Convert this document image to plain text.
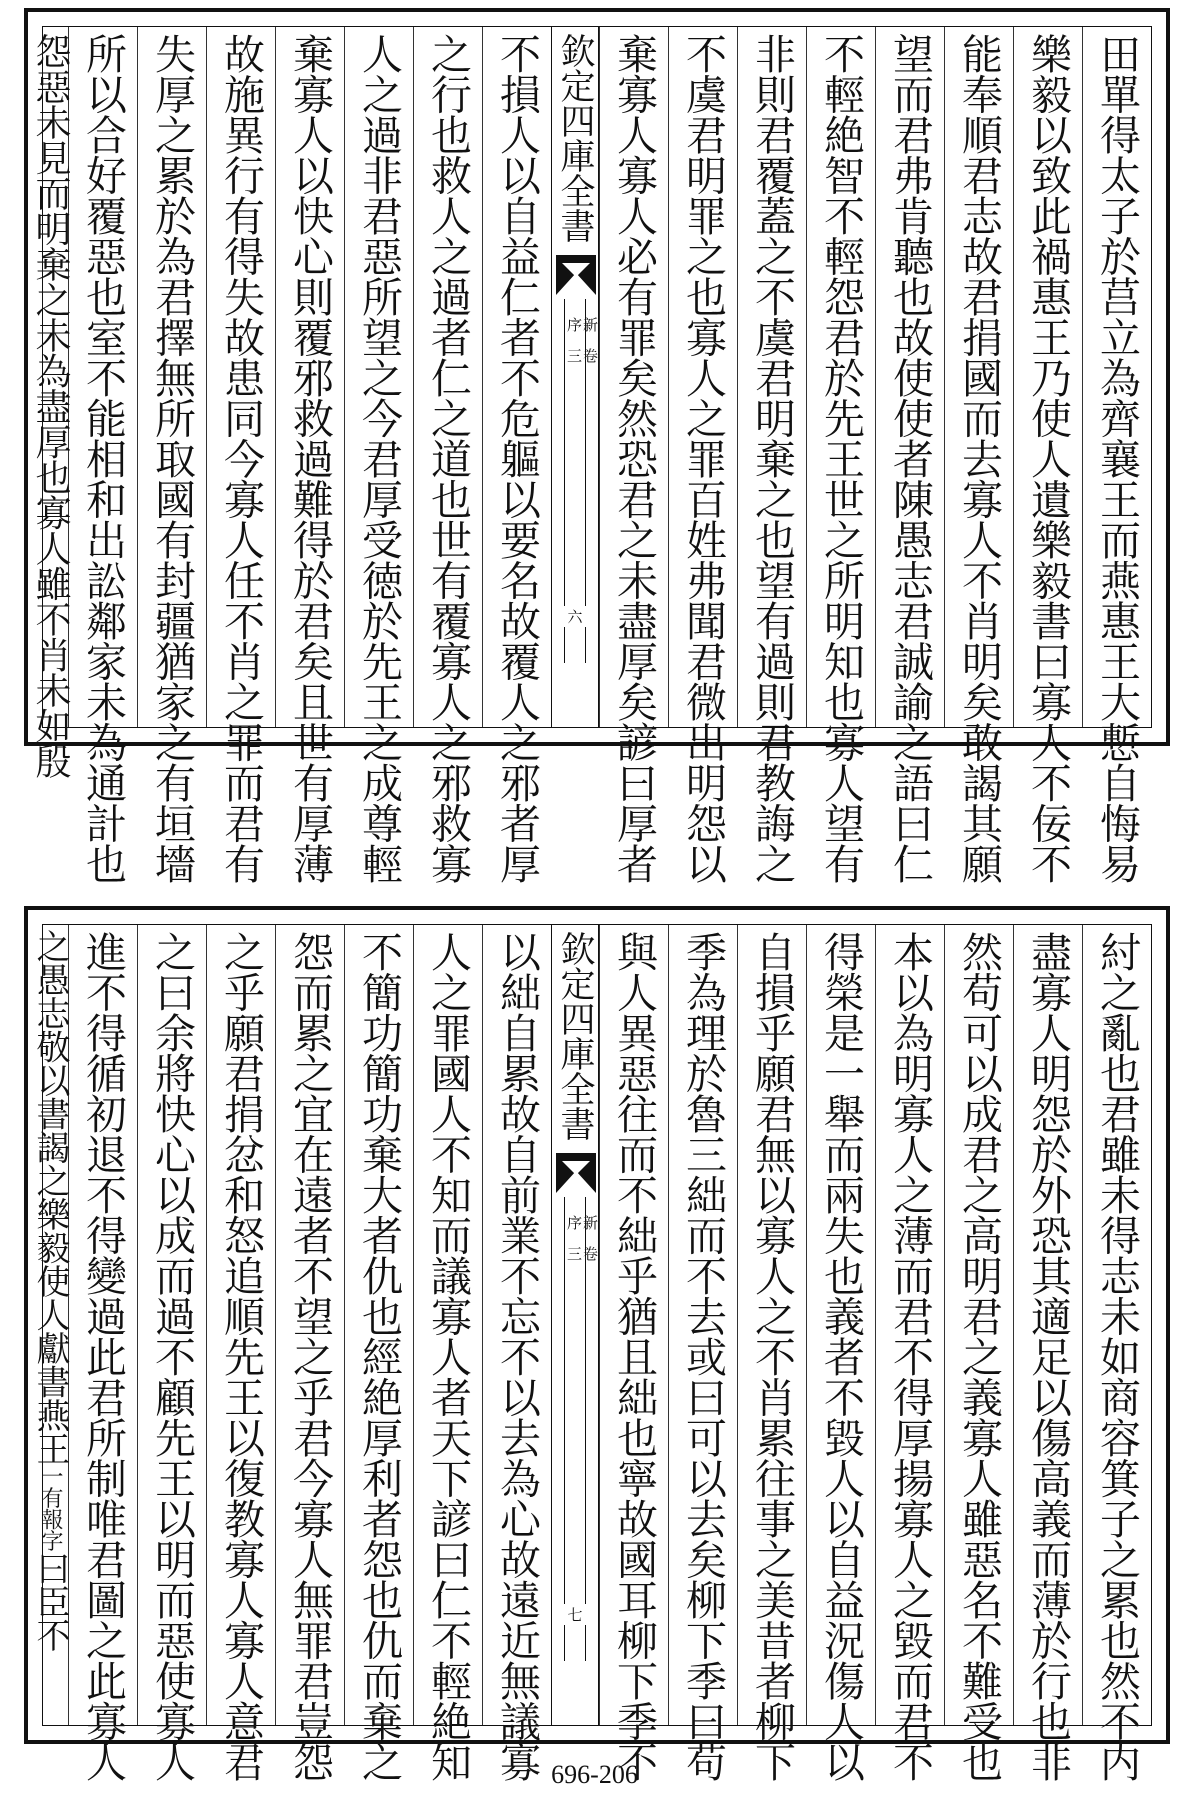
田單得太子於莒立為齊襄王而燕惠王大慙自悔易
樂毅以致此禍惠王乃使人遺樂毅書曰寡人不佞不
能奉順君志故君捐國而去寡人不肖明矣敢謁其願
望而君弗肯聽也故使使者陳愚志君誠諭之語曰仁
不輕絶智不輕怨君於先王世之所明知也寡人望有
非則君覆蓋之不虞君明棄之也望有過則君教誨之
不虞君明罪之也寡人之罪百姓弗聞君微出明怨以
棄寡人寡人必有罪矣然恐君之未盡厚矣諺曰厚者
欽定四庫全書
新序
卷三
六
不損人以自益仁者不危軀以要名故覆人之邪者厚
之行也救人之過者仁之道也世有覆寡人之邪救寡
人之過非君惡所望之今君厚受徳於先王之成尊輕
棄寡人以快心則覆邪救過難得於君矣且世有厚薄
故施異行有得失故患同今寡人任不肖之罪而君有
失厚之累於為君擇無所取國有封疆猶家之有垣墻
所以合好覆惡也室不能相和出訟鄰家未為通計也
怨惡未見而明棄之未為盡厚也寡人雖不肖未如殷
紂之亂也君雖未得志未如商容箕子之累也然不内
盡寡人明怨於外恐其適足以傷高義而薄於行也非
然苟可以成君之高明君之義寡人雖惡名不難受也
本以為明寡人之薄而君不得厚揚寡人之毀而君不
得榮是一舉而兩失也義者不毀人以自益況傷人以
自損乎願君無以寡人之不肖累往事之美昔者柳下
季為理於魯三絀而不去或曰可以去矣柳下季曰苟
與人異惡往而不絀乎猶且絀也寧故國耳柳下季不
欽定四庫全書
新序
卷三
七
以絀自累故自前業不忘不以去為心故遠近無議寡
人之罪國人不知而議寡人者天下諺曰仁不輕絶知
不簡功簡功棄大者仇也經絶厚利者怨也仇而棄之
怨而累之宜在遠者不望之乎君今寡人無罪君豈怨
之乎願君捐忿和怒追順先王以復教寡人寡人意君
之曰余將快心以成而過不顧先王以明而惡使寡人
進不得循初退不得變過此君所制唯君圖之此寡人
之愚志敬以書謁之樂毅使人獻書燕王一有報字曰臣不
696-206
